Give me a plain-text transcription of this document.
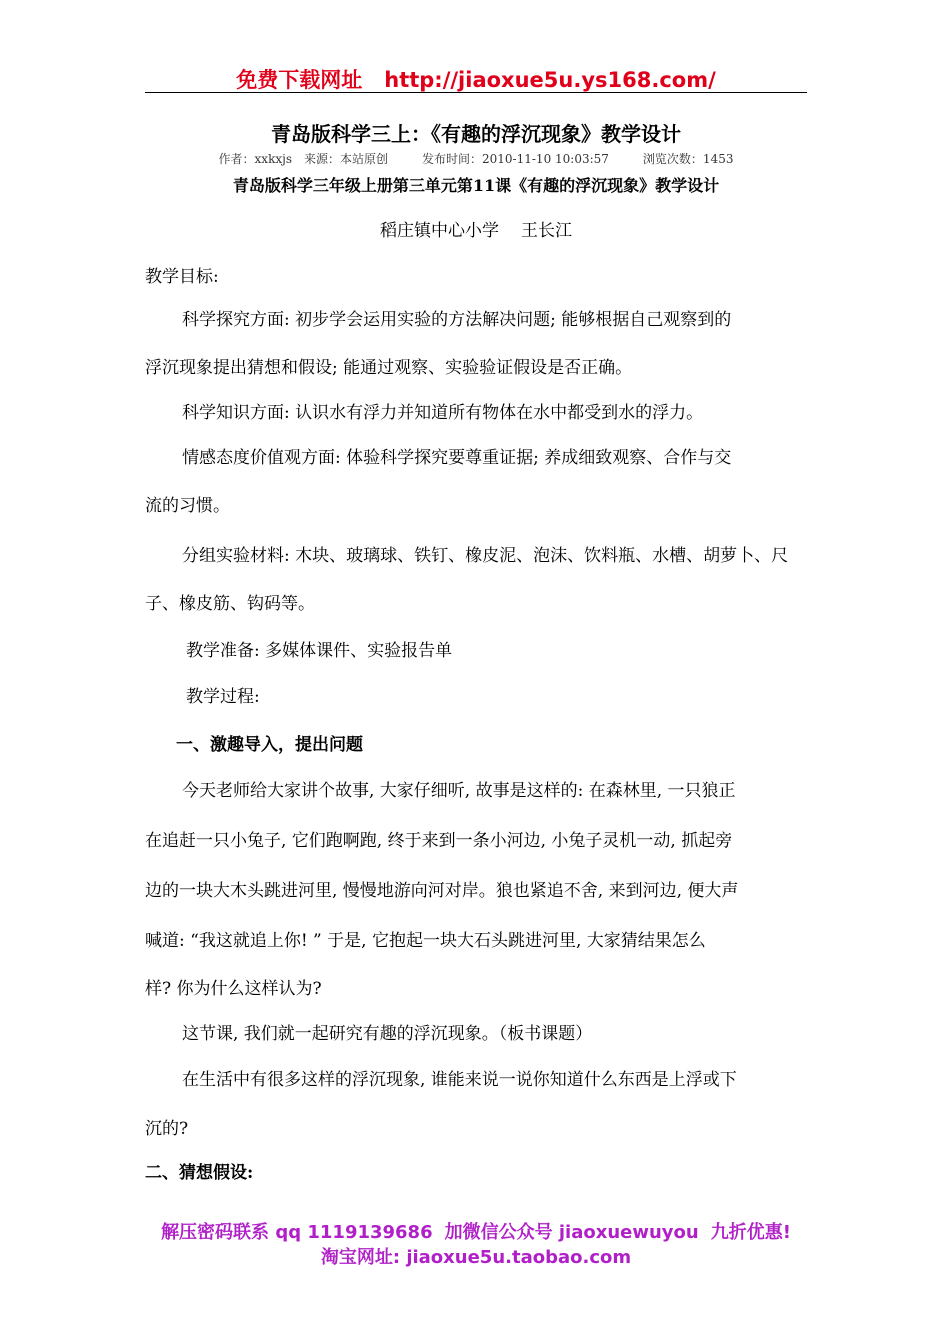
免费下载网址 http://jiaoxue5u.ys168.com/
青岛版科学三上：《有趣的浮沉现象》教学设计
作者：xxkxjs 来源：本站原创	发布时间：2010-11-10 10:03:57	浏览次数：1453
青岛版科学三年级上册第三单元第11课《有趣的浮沉现象》教学设计
稻庄镇中心小学 王长江
教学目标:
科学探究方面: 初步学会运用实验的方法解决问题; 能够根据自己观察到的
浮沉现象提出猜想和假设; 能通过观察、实验验证假设是否正确。
科学知识方面: 认识水有浮力并知道所有物体在水中都受到水的浮力。
情感态度价值观方面: 体验科学探究要尊重证据; 养成细致观察、合作与交
流的习惯。
分组实验材料: 木块、玻璃球、铁钉、橡皮泥、泡沫、饮料瓶、水槽、胡萝卜、尺
子、橡皮筋、钩码等。
教学准备: 多媒体课件、实验报告单
教学过程:
一、激趣导入，提出问题
今天老师给大家讲个故事, 大家仔细听, 故事是这样的: 在森林里, 一只狼正
在追赶一只小兔子, 它们跑啊跑, 终于来到一条小河边, 小兔子灵机一动, 抓起旁
边的一块大木头跳进河里, 慢慢地游向河对岸。狼也紧追不舍, 来到河边, 便大声
喊道: “我这就追上你! ” 于是, 它抱起一块大石头跳进河里, 大家猜结果怎么
样? 你为什么这样认为?
这节课, 我们就一起研究有趣的浮沉现象。（板书课题）
在生活中有很多这样的浮沉现象, 谁能来说一说你知道什么东西是上浮或下
沉的?
二、猜想假设:
解压密码联系 qq 1119139686 加微信公众号 jiaoxuewuyou 九折优惠!
淘宝网址: jiaoxue5u.taobao.com
